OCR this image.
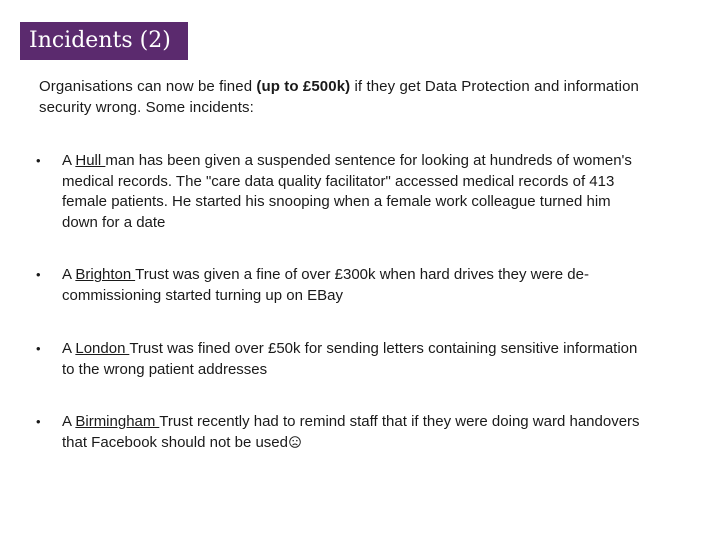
Incidents (2)
Organisations can now be fined (up to £500k) if they get Data Protection and information security wrong. Some incidents:
•	A Hull man has been given a suspended sentence for looking at hundreds of women's medical records. The "care data quality facilitator" accessed medical records of 413 female patients. He started his snooping when a female work colleague turned him down for a date
•	A Brighton Trust was given a fine of over £300k when hard drives they were de-commissioning started turning up on EBay
•	A London Trust was fined over £50k for sending letters containing sensitive information to the wrong patient addresses
•	A Birmingham Trust recently had to remind staff that if they were doing ward handovers that Facebook should not be used
